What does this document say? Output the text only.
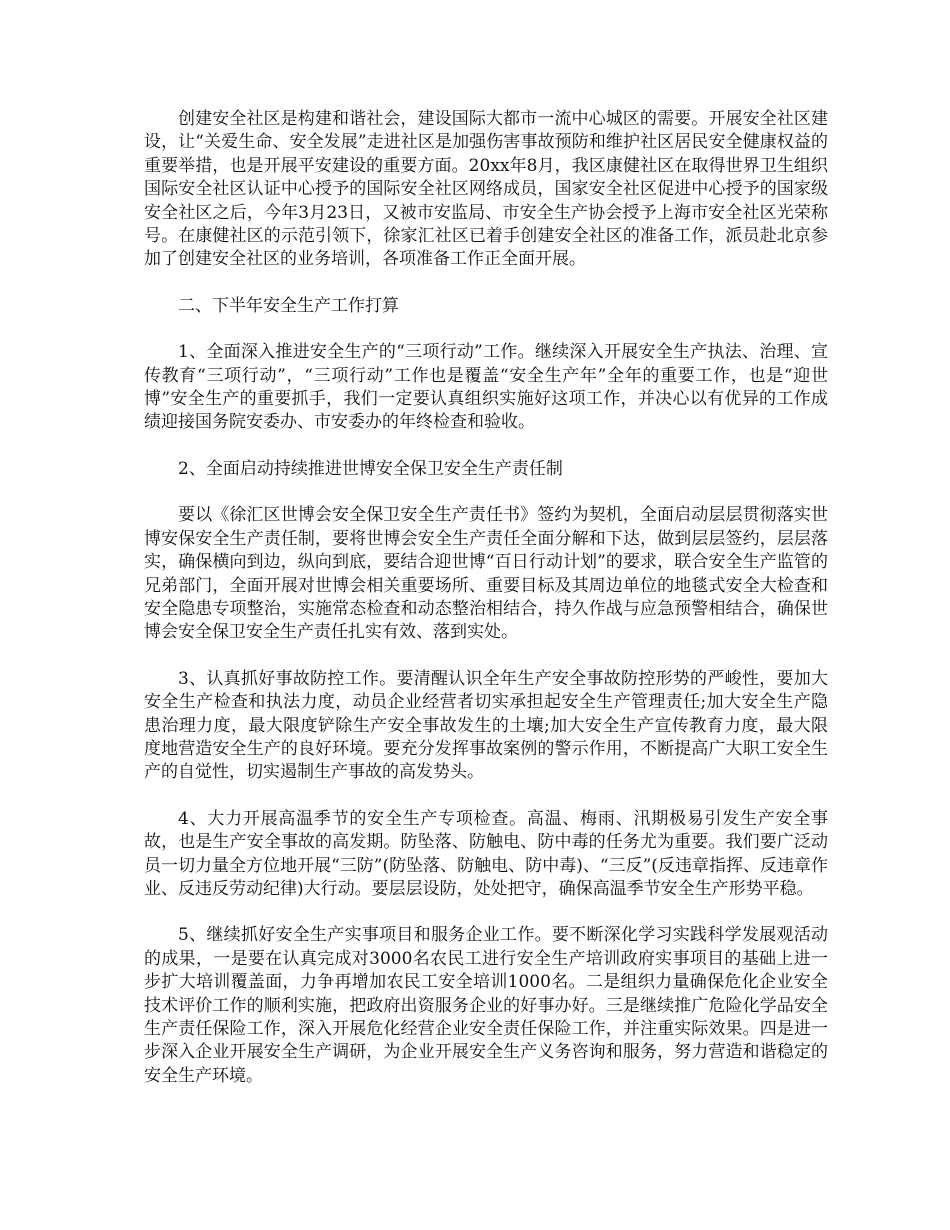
创建安全社区是构建和谐社会，建设国际大都市一流中心城区的需要。开展安全社区建设，让“关爱生命、安全发展”走进社区是加强伤害事故预防和维护社区居民安全健康权益的重要举措，也是开展平安建设的重要方面。20xx年8月，我区康健社区在取得世界卫生组织国际安全社区认证中心授予的国际安全社区网络成员，国家安全社区促进中心授予的国家级安全社区之后，今年3月23日，又被市安监局、市安全生产协会授予上海市安全社区光荣称号。在康健社区的示范引领下，徐家汇社区已着手创建安全社区的准备工作，派员赴北京参加了创建安全社区的业务培训，各项准备工作正全面开展。

二、下半年安全生产工作打算

1、全面深入推进安全生产的“三项行动”工作。继续深入开展安全生产执法、治理、宣传教育“三项行动”，“三项行动”工作也是覆盖“安全生产年”全年的重要工作，也是“迎世博”安全生产的重要抓手，我们一定要认真组织实施好这项工作，并决心以有优异的工作成绩迎接国务院安委办、市安委办的年终检查和验收。

2、全面启动持续推进世博安全保卫安全生产责任制

要以《徐汇区世博会安全保卫安全生产责任书》签约为契机，全面启动层层贯彻落实世博安保安全生产责任制，要将世博会安全生产责任全面分解和下达，做到层层签约，层层落实，确保横向到边，纵向到底，要结合迎世博“百日行动计划”的要求，联合安全生产监管的兄弟部门，全面开展对世博会相关重要场所、重要目标及其周边单位的地毯式安全大检查和安全隐患专项整治，实施常态检查和动态整治相结合，持久作战与应急预警相结合，确保世博会安全保卫安全生产责任扎实有效、落到实处。

3、认真抓好事故防控工作。要清醒认识全年生产安全事故防控形势的严峻性，要加大安全生产检查和执法力度，动员企业经营者切实承担起安全生产管理责任;加大安全生产隐患治理力度，最大限度铲除生产安全事故发生的土壤;加大安全生产宣传教育力度，最大限度地营造安全生产的良好环境。要充分发挥事故案例的警示作用，不断提高广大职工安全生产的自觉性，切实遏制生产事故的高发势头。

4、大力开展高温季节的安全生产专项检查。高温、梅雨、汛期极易引发生产安全事故，也是生产安全事故的高发期。防坠落、防触电、防中毒的任务尤为重要。我们要广泛动员一切力量全方位地开展“三防”(防坠落、防触电、防中毒)、“三反”(反违章指挥、反违章作业、反违反劳动纪律)大行动。要层层设防，处处把守，确保高温季节安全生产形势平稳。

5、继续抓好安全生产实事项目和服务企业工作。要不断深化学习实践科学发展观活动的成果，一是要在认真完成对3000名农民工进行安全生产培训政府实事项目的基础上进一步扩大培训覆盖面，力争再增加农民工安全培训1000名。二是组织力量确保危化企业安全技术评价工作的顺利实施，把政府出资服务企业的好事办好。三是继续推广危险化学品安全生产责任保险工作，深入开展危化经营企业安全责任保险工作，并注重实际效果。四是进一步深入企业开展安全生产调研，为企业开展安全生产义务咨询和服务，努力营造和谐稳定的安全生产环境。
